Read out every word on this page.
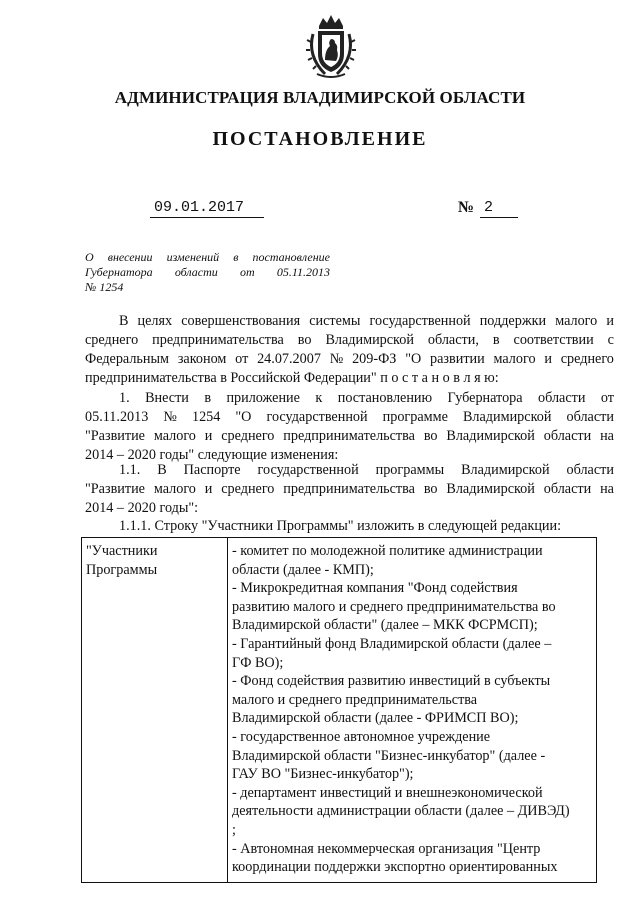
АДМИНИСТРАЦИЯ ВЛАДИМИРСКОЙ ОБЛАСТИ
ПОСТАНОВЛЕНИЕ
09.01.2017	№ 2
О внесении изменений в постановление
Губернатора области от 05.11.2013
№ 1254
В целях совершенствования системы государственной поддержки малого и
среднего предпринимательства во Владимирской области, в соответствии с
Федеральным законом от 24.07.2007 № 209-ФЗ "О развитии малого и среднего
предпринимательства в Российской Федерации" п о с т а н о в л я ю:
1. Внести в приложение к постановлению Губернатора области от
05.11.2013 № 1254 "О государственной программе Владимирской области
"Развитие малого и среднего предпринимательства во Владимирской области на
2014 – 2020 годы" следующие изменения:
1.1. В Паспорте государственной программы Владимирской области
"Развитие малого и среднего предпринимательства во Владимирской области на
2014 – 2020 годы":
1.1.1. Строку "Участники Программы" изложить в следующей редакции:
"Участники
Программы

- комитет по молодежной политике администрации
области (далее - КМП);
- Микрокредитная компания "Фонд содействия
развитию малого и среднего предпринимательства во
Владимирской области" (далее – МКК ФСРМСП);
- Гарантийный фонд Владимирской области (далее –
ГФ ВО);
- Фонд содействия развитию инвестиций в субъекты
малого и среднего предпринимательства
Владимирской области (далее - ФРИМСП ВО);
- государственное автономное учреждение
Владимирской области "Бизнес-инкубатор" (далее -
ГАУ ВО "Бизнес-инкубатор");
- департамент инвестиций и внешнеэкономической
деятельности администрации области (далее – ДИВЭД)
;
- Автономная некоммерческая организация "Центр
координации поддержки экспортно ориентированных
